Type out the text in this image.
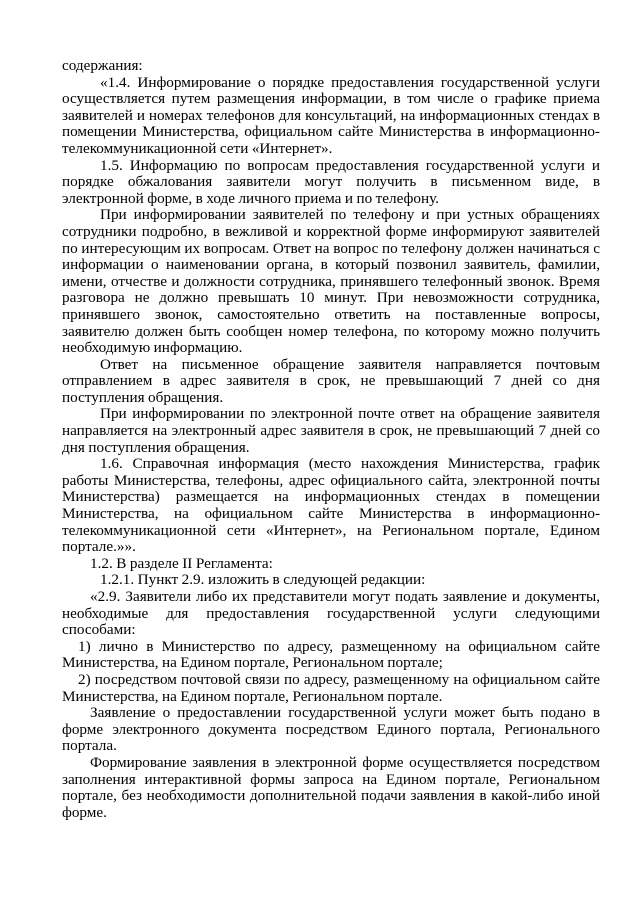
содержания:

«1.4. Информирование о порядке предоставления государственной услуги осуществляется путем размещения информации, в том числе о графике приема заявителей и номерах телефонов для консультаций, на информационных стендах в помещении Министерства, официальном сайте Министерства в информационно-телекоммуникационной сети «Интернет».

1.5. Информацию по вопросам предоставления государственной услуги и порядке обжалования заявители могут получить в письменном виде, в электронной форме, в ходе личного приема и по телефону.

При информировании заявителей по телефону и при устных обращениях сотрудники подробно, в вежливой и корректной форме информируют заявителей по интересующим их вопросам. Ответ на вопрос по телефону должен начинаться с информации о наименовании органа, в который позвонил заявитель, фамилии, имени, отчестве и должности сотрудника, принявшего телефонный звонок. Время разговора не должно превышать 10 минут. При невозможности сотрудника, принявшего звонок, самостоятельно ответить на поставленные вопросы, заявителю должен быть сообщен номер телефона, по которому можно получить необходимую информацию.

Ответ на письменное обращение заявителя направляется почтовым отправлением в адрес заявителя в срок, не превышающий 7 дней со дня поступления обращения.

При информировании по электронной почте ответ на обращение заявителя направляется на электронный адрес заявителя в срок, не превышающий 7 дней со дня поступления обращения.

1.6. Справочная информация (место нахождения Министерства, график работы Министерства, телефоны, адрес официального сайта, электронной почты Министерства) размещается на информационных стендах в помещении Министерства, на официальном сайте Министерства в информационно-телекоммуникационной сети «Интернет», на Региональном портале, Едином портале.»».

1.2. В разделе II Регламента:

1.2.1. Пункт 2.9. изложить в следующей редакции:

«2.9. Заявители либо их представители могут подать заявление и документы, необходимые для предоставления государственной услуги следующими способами:

1) лично в Министерство по адресу, размещенному на официальном сайте Министерства, на Едином портале, Региональном портале;

2) посредством почтовой связи по адресу, размещенному на официальном сайте Министерства, на Едином портале, Региональном портале.

Заявление о предоставлении государственной услуги может быть подано в форме электронного документа посредством Единого портала, Регионального портала.

Формирование заявления в электронной форме осуществляется посредством заполнения интерактивной формы запроса на Едином портале, Региональном портале, без необходимости дополнительной подачи заявления в какой-либо иной форме.
